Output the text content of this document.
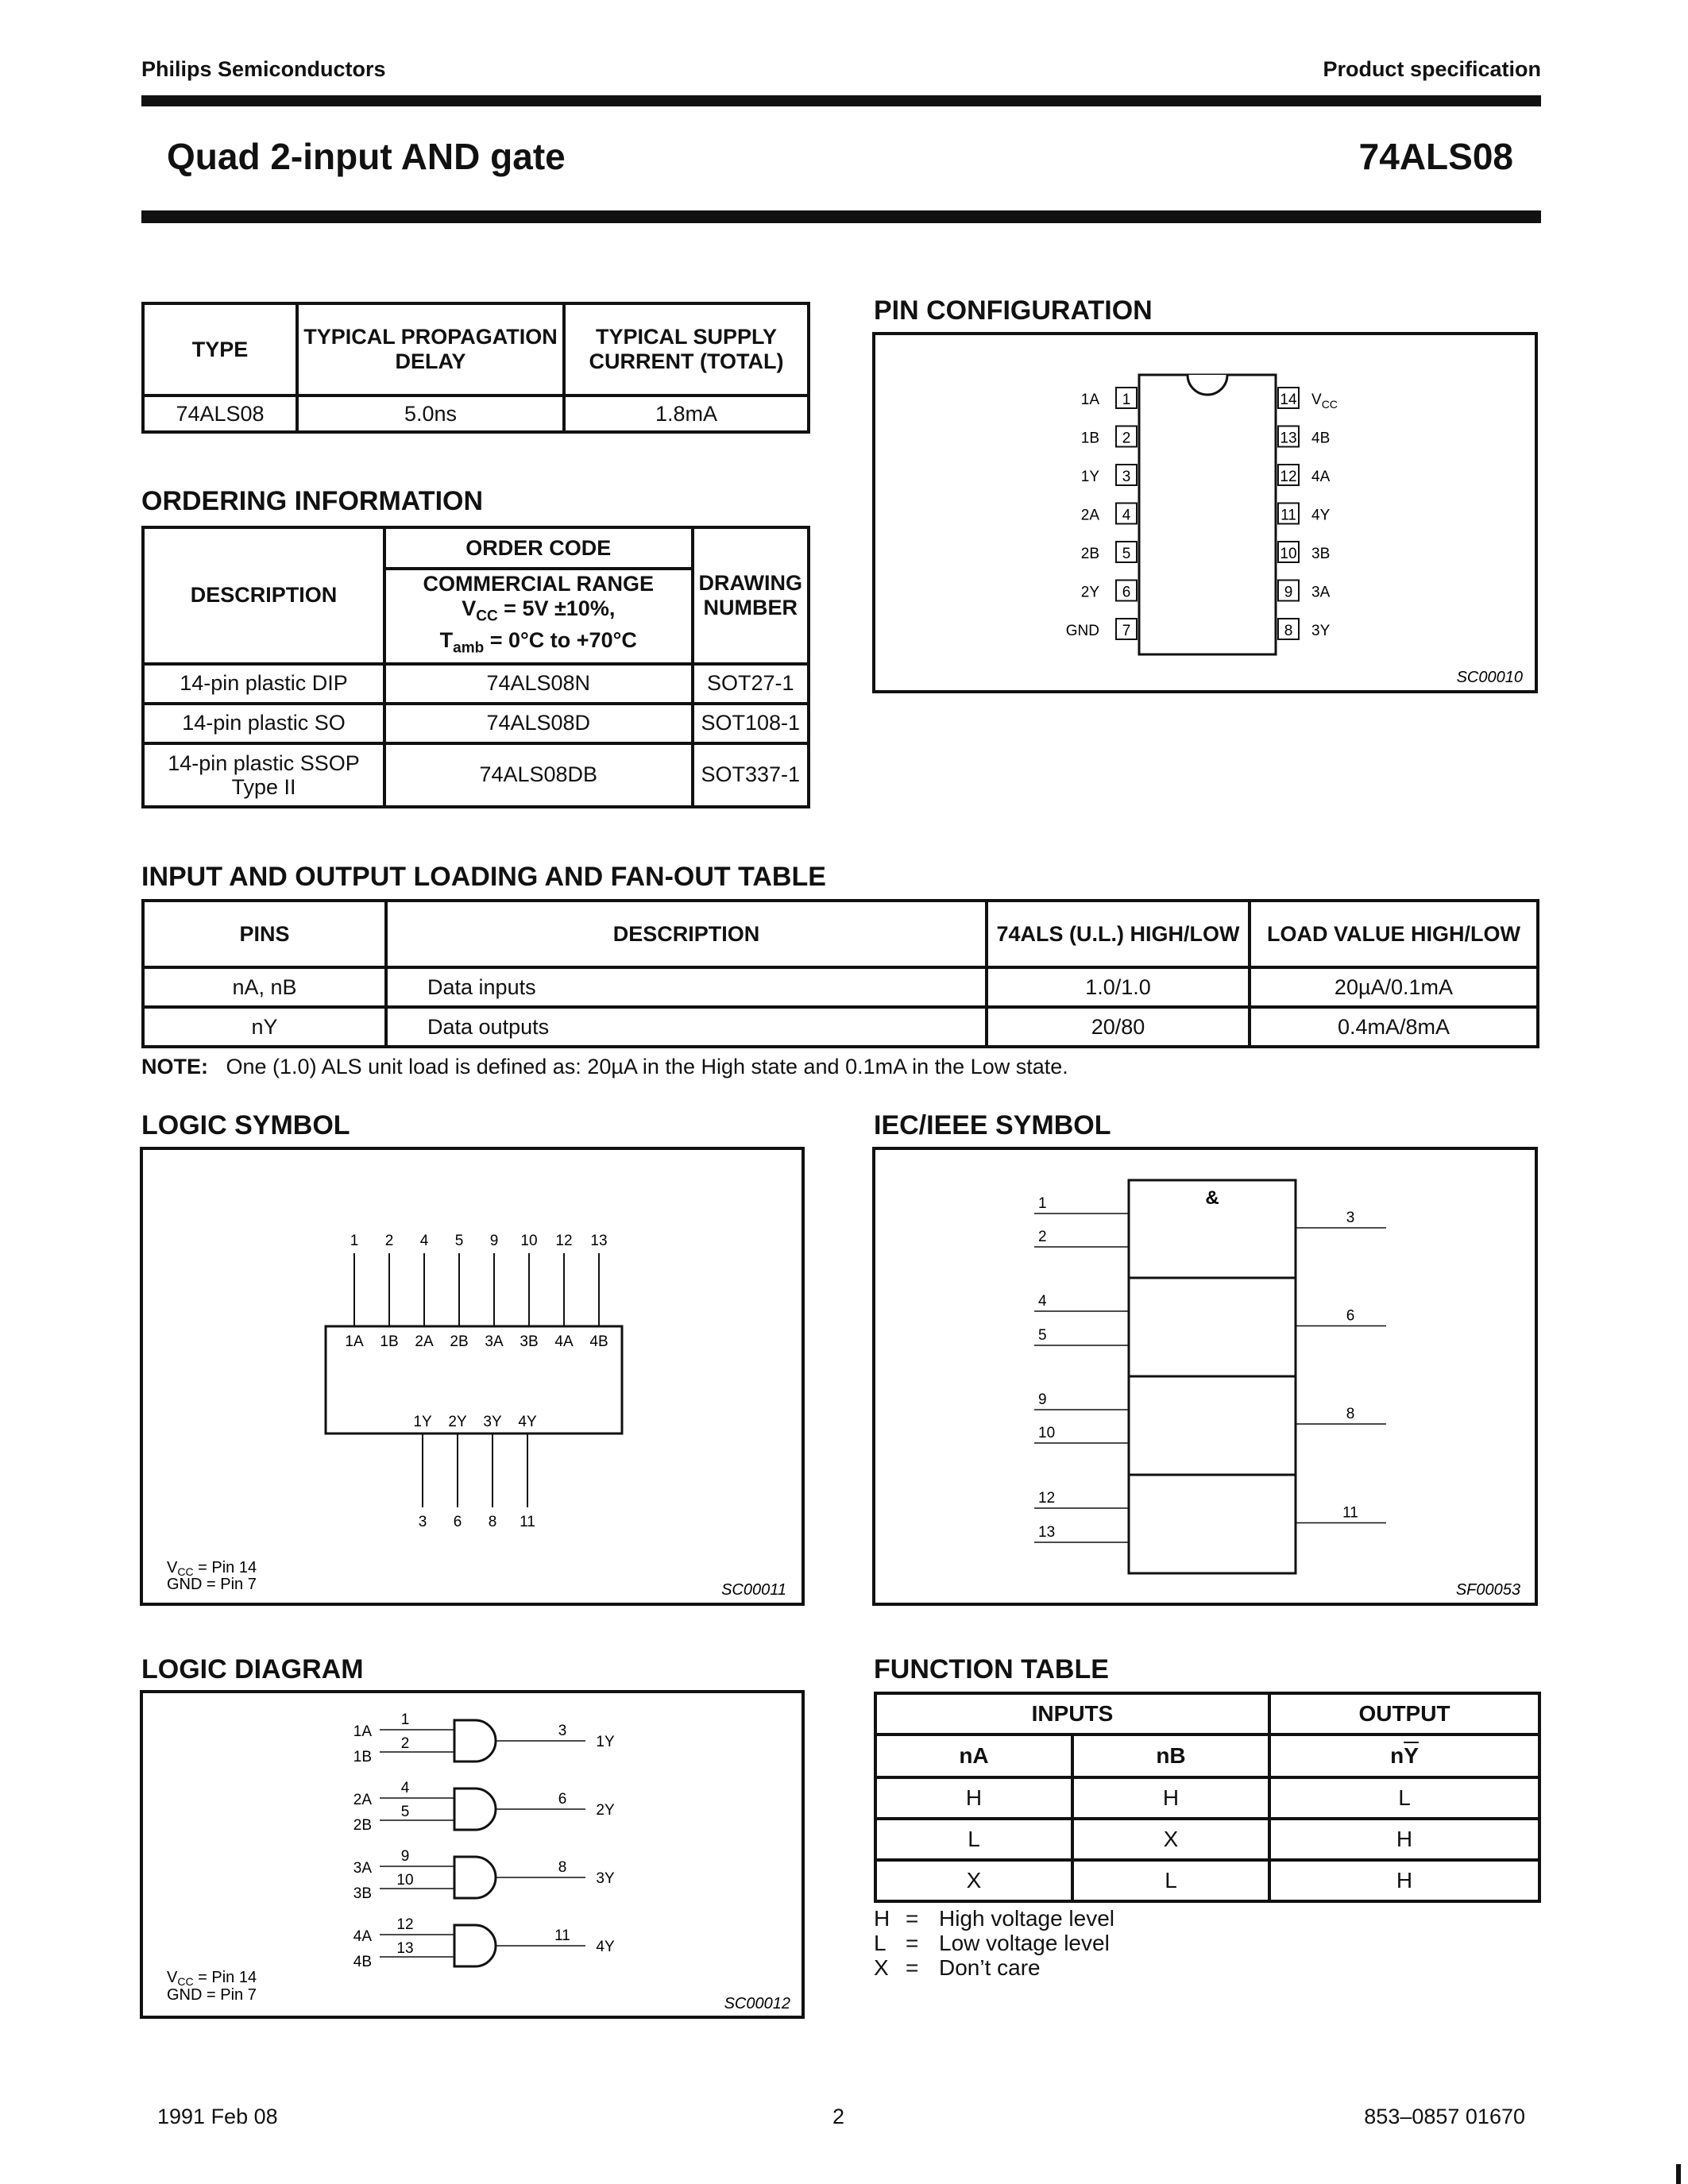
Philips Semiconductors	Product specification
Quad 2-input AND gate	74ALS08
TYPE	TYPICAL PROPAGATION DELAY	TYPICAL SUPPLY CURRENT (TOTAL)
74ALS08	5.0ns	1.8mA
ORDERING INFORMATION
DESCRIPTION	ORDER CODE	DRAWING NUMBER
	COMMERCIAL RANGE
$V_{CC} = 5V \pm 10\%$,
$T_{amb} = 0^\circ C$ to +70°C	
14-pin plastic DIP	74ALS08N	SOT27-1
14-pin plastic SO	74ALS08D	SOT108-1
14-pin plastic SSOP Type II	74ALS08DB	SOT337-1
PIN CONFIGURATION
1
1A
2
1B
3
1Y
4
2A
5
2B
6
2Y
7
GND
14 $V_{CC}$
13 4B
12 4A
11 4Y
10 3B
9 3A
8 3Y
SC00010
INPUT AND OUTPUT LOADING AND FAN-OUT TABLE
PINS	DESCRIPTION	74ALS (U.L.) HIGH/LOW	LOAD VALUE HIGH/LOW
nA, nB	Data inputs	1.0/1.0	20µA/0.1mA
nY	Data outputs	20/80	0.4mA/8mA
NOTE: One (1.0) ALS unit load is defined as: 20µA in the High state and 0.1mA in the Low state.
LOGIC SYMBOL
1
1A
2
1B
4
2A
5
2B
9
3A
10
3B
12
4A
13
4B
1Y
3
2Y
6
3Y
8
4Y
11
$V_{CC}$ = Pin 14
GND = Pin 7	SC00011
IEC/IEEE SYMBOL
&
1
2
3
4
5
6
9
10
8
12
13
11
SF00053
LOGIC DIAGRAM
1A
1B
1
2
3
1Y
2A
2B
4
5
6
2Y
3A
3B
9
10
8
3Y
4A
4B
12
13
11
4Y
$V_{CC}$ = Pin 14
GND = Pin 7	SC00012
FUNCTION TABLE
INPUTS		OUTPUT
nA	nB	$n\overline{Y}$
H	H	L
L	X	H
X	L	H
H = High voltage level
L = Low voltage level
X = Don’t care
1991 Feb 08	2	853–0857 01670
